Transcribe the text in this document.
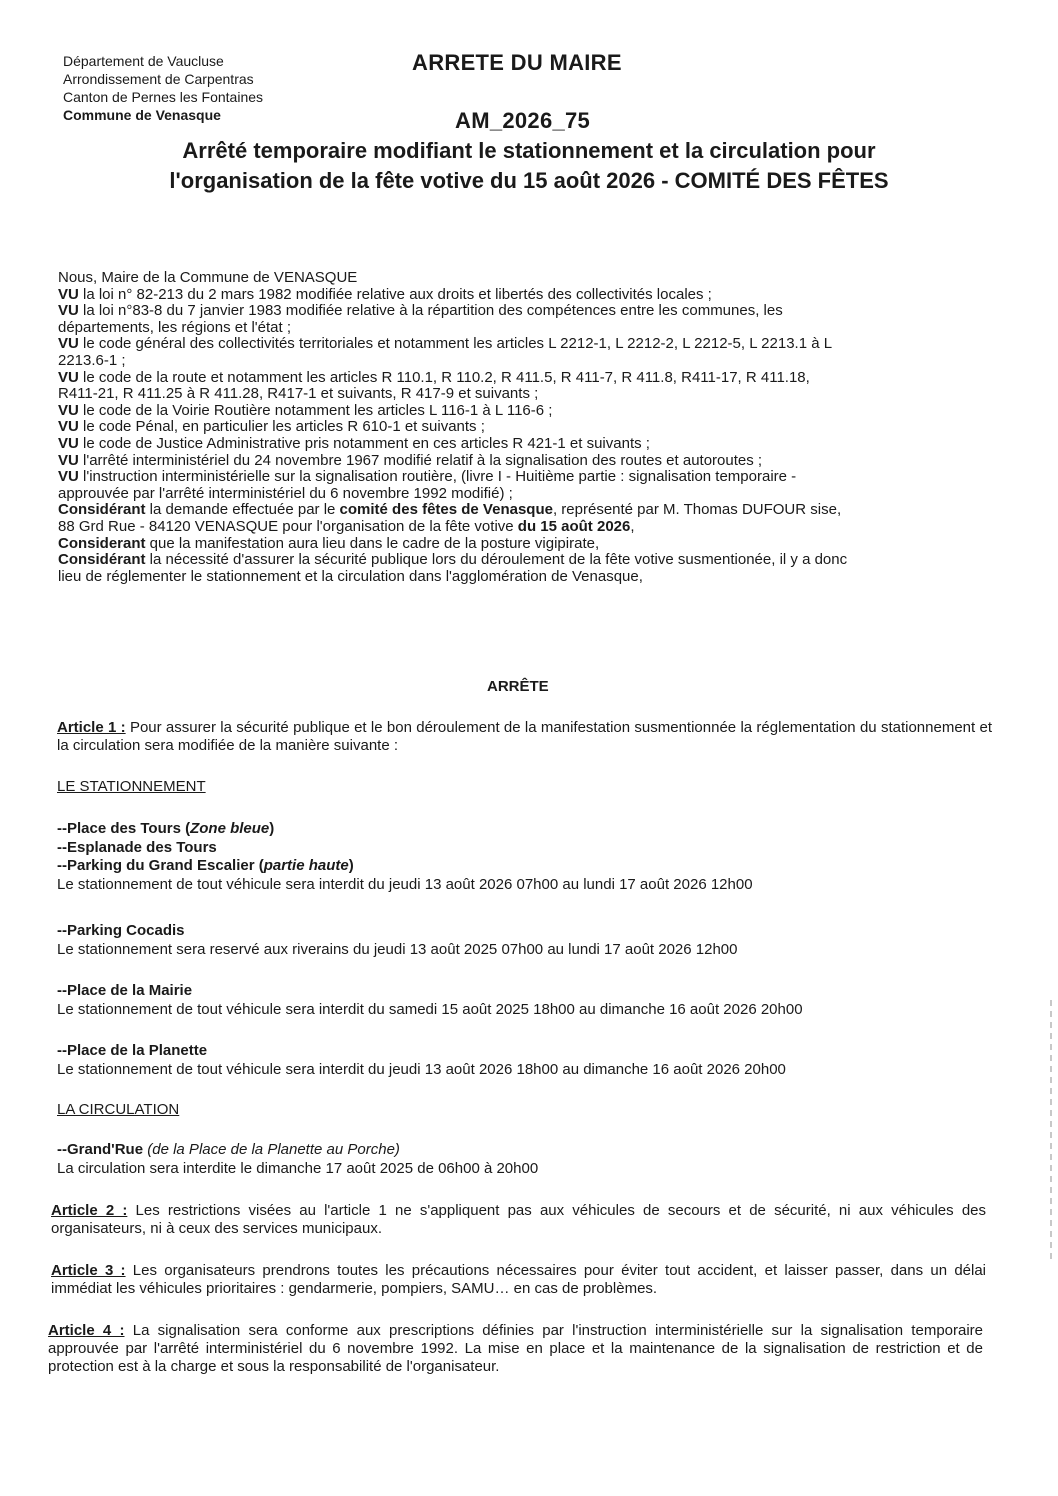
Département de Vaucluse
Arrondissement de Carpentras
Canton de Pernes les Fontaines
Commune de Venasque
ARRETE DU MAIRE
AM_2026_75
Arrêté temporaire modifiant le stationnement et la circulation pour
l'organisation de la fête votive du 15 août 2026 - COMITÉ DES FÊTES
Nous, Maire de la Commune de VENASQUE
VU la loi n° 82-213 du 2 mars 1982 modifiée relative aux droits et libertés des collectivités locales ;
VU la loi n°83-8 du 7 janvier 1983 modifiée relative à la répartition des compétences entre les communes, les
départements, les régions et l'état ;
VU le code général des collectivités territoriales et notamment les articles L 2212-1, L 2212-2, L 2212-5, L 2213.1 à L
2213.6-1 ;
VU le code de la route et notamment les articles R 110.1, R 110.2, R 411.5, R 411-7, R 411.8, R411-17, R 411.18,
R411-21, R 411.25 à R 411.28, R417-1 et suivants, R 417-9 et suivants ;
VU le code de la Voirie Routière notamment les articles L 116-1 à L 116-6 ;
VU le code Pénal, en particulier les articles R 610-1 et suivants ;
VU le code de Justice Administrative pris notamment en ces articles R 421-1 et suivants ;
VU l'arrêté interministériel du 24 novembre 1967 modifié relatif à la signalisation des routes et autoroutes ;
VU l'instruction interministérielle sur la signalisation routière, (livre I - Huitième partie : signalisation temporaire -
approuvée par l'arrêté interministériel du 6 novembre 1992 modifié) ;
Considérant la demande effectuée par le comité des fêtes de Venasque, représenté par M. Thomas DUFOUR sise,
88 Grd Rue - 84120 VENASQUE pour l'organisation de la fête votive du 15 août 2026,
Considerant que la manifestation aura lieu dans le cadre de la posture vigipirate,
Considérant la nécessité d'assurer la sécurité publique lors du déroulement de la fête votive susmentionée, il y a donc
lieu de réglementer le stationnement et la circulation dans l'agglomération de Venasque,
ARRÊTE
Article 1 : Pour assurer la sécurité publique et le bon déroulement de la manifestation susmentionnée la réglementation du stationnement et la circulation sera modifiée de la manière suivante :
LE STATIONNEMENT
--Place des Tours (Zone bleue)
--Esplanade des Tours
--Parking du Grand Escalier (partie haute)
Le stationnement de tout véhicule sera interdit du jeudi 13 août 2026 07h00 au lundi 17 août 2026 12h00
--Parking Cocadis
Le stationnement sera reservé aux riverains du jeudi 13 août 2025 07h00 au lundi 17 août 2026 12h00
--Place de la Mairie
Le stationnement de tout véhicule sera interdit du samedi 15 août 2025 18h00 au dimanche 16 août 2026 20h00
--Place de la Planette
Le stationnement de tout véhicule sera interdit du jeudi 13 août 2026 18h00 au dimanche 16 août 2026 20h00
LA CIRCULATION
--Grand'Rue (de la Place de la Planette au Porche)
La circulation sera interdite le dimanche 17 août 2025 de 06h00 à 20h00
Article 2 : Les restrictions visées au l'article 1 ne s'appliquent pas aux véhicules de secours et de sécurité, ni aux véhicules des organisateurs, ni à ceux des services municipaux.
Article 3 : Les organisateurs prendrons toutes les précautions nécessaires pour éviter tout accident, et laisser passer, dans un délai immédiat les véhicules prioritaires : gendarmerie, pompiers, SAMU… en cas de problèmes.
Article 4 : La signalisation sera conforme aux prescriptions définies par l'instruction interministérielle sur la signalisation temporaire approuvée par l'arrêté interministériel du 6 novembre 1992. La mise en place et la maintenance de la signalisation de restriction et de protection est à la charge et sous la responsabilité de l'organisateur.
